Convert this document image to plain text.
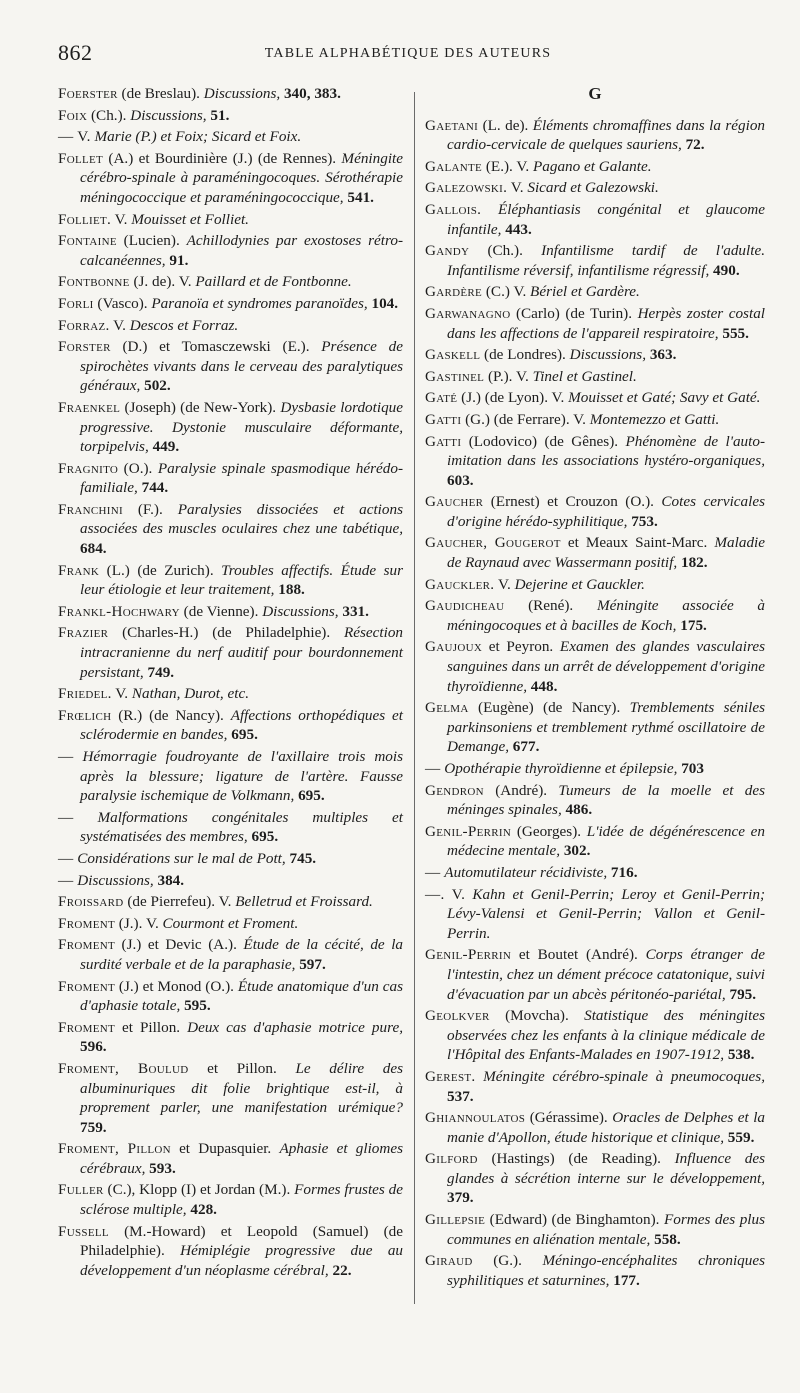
862	TABLE ALPHABÉTIQUE DES AUTEURS

Foerster (de Breslau). Discussions, 340, 383.

Foix (Ch.). Discussions, 51.

— V. Marie (P.) et Foix; Sicard et Foix.

Follet (A.) et Bourdinière (J.) (de Rennes). Méningite cérébro-spinale à paraméningocoques. Sérothérapie méningococcique et paraméningococcique, 541.

Folliet. V. Mouisset et Folliet.

Fontaine (Lucien). Achillodynies par exostoses rétro-calcanéennes, 91.

Fontbonne (J. de). V. Paillard et de Fontbonne.

Forli (Vasco). Paranoïa et syndromes paranoïdes, 104.

Forraz. V. Descos et Forraz.

Forster (D.) et Tomasczewski (E.). Présence de spirochètes vivants dans le cerveau des paralytiques généraux, 502.

Fraenkel (Joseph) (de New-York). Dysbasie lordotique progressive. Dystonie musculaire déformante, torpipelvis, 449.

Fragnito (O.). Paralysie spinale spasmodique hérédo-familiale, 744.

Franchini (F.). Paralysies dissociées et actions associées des muscles oculaires chez une tabétique, 684.

Frank (L.) (de Zurich). Troubles affectifs. Étude sur leur étiologie et leur traitement, 188.

Frankl-Hochwary (de Vienne). Discussions, 331.

Frazier (Charles-H.) (de Philadelphie). Résection intracranienne du nerf auditif pour bourdonnement persistant, 749.

Friedel. V. Nathan, Durot, etc.

Frœlich (R.) (de Nancy). Affections orthopédiques et sclérodermie en bandes, 695.

— Hémorragie foudroyante de l'axillaire trois mois après la blessure; ligature de l'artère. Fausse paralysie ischemique de Volkmann, 695.

— Malformations congénitales multiples et systématisées des membres, 695.

— Considérations sur le mal de Pott, 745.

— Discussions, 384.

Froissard (de Pierrefeu). V. Belletrud et Froissard.

Froment (J.). V. Courmont et Froment.

Froment (J.) et Devic (A.). Étude de la cécité, de la surdité verbale et de la paraphasie, 597.

Froment (J.) et Monod (O.). Étude anatomique d'un cas d'aphasie totale, 595.

Froment et Pillon. Deux cas d'aphasie motrice pure, 596.

Froment, Boulud et Pillon. Le délire des albuminuriques dit folie brightique est-il, à proprement parler, une manifestation urémique? 759.

Froment, Pillon et Dupasquier. Aphasie et gliomes cérébraux, 593.

Fuller (C.), Klopp (I) et Jordan (M.). Formes frustes de sclérose multiple, 428.

Fussell (M.-Howard) et Leopold (Samuel) (de Philadelphie). Hémiplégie progressive due au développement d'un néoplasme cérébral, 22.

G

Gaetani (L. de). Éléments chromaffines dans la région cardio-cervicale de quelques sauriens, 72.

Galante (E.). V. Pagano et Galante.

Galezowski. V. Sicard et Galezowski.

Gallois. Éléphantiasis congénital et glaucome infantile, 443.

Gandy (Ch.). Infantilisme tardif de l'adulte. Infantilisme réversif, infantilisme régressif, 490.

Gardère (C.) V. Bériel et Gardère.

Garwanagno (Carlo) (de Turin). Herpès zoster costal dans les affections de l'appareil respiratoire, 555.

Gaskell (de Londres). Discussions, 363.

Gastinel (P.). V. Tinel et Gastinel.

Gaté (J.) (de Lyon). V. Mouisset et Gaté; Savy et Gaté.

Gatti (G.) (de Ferrare). V. Montemezzo et Gatti.

Gatti (Lodovico) (de Gênes). Phénomène de l'auto-imitation dans les associations hystéro-organiques, 603.

Gaucher (Ernest) et Crouzon (O.). Cotes cervicales d'origine hérédo-syphilitique, 753.

Gaucher, Gougerot et Meaux Saint-Marc. Maladie de Raynaud avec Wassermann positif, 182.

Gauckler. V. Dejerine et Gauckler.

Gaudicheau (René). Méningite associée à méningocoques et à bacilles de Koch, 175.

Gaujoux et Peyron. Examen des glandes vasculaires sanguines dans un arrêt de développement d'origine thyroïdienne, 448.

Gelma (Eugène) (de Nancy). Tremblements séniles parkinsoniens et tremblement rythmé oscillatoire de Demange, 677.

— Opothérapie thyroïdienne et épilepsie, 703

Gendron (André). Tumeurs de la moelle et des méninges spinales, 486.

Genil-Perrin (Georges). L'idée de dégénérescence en médecine mentale, 302.

— Automutilateur récidiviste, 716.

—. V. Kahn et Genil-Perrin; Leroy et Genil-Perrin; Lévy-Valensi et Genil-Perrin; Vallon et Genil-Perrin.

Genil-Perrin et Boutet (André). Corps étranger de l'intestin, chez un dément précoce catatonique, suivi d'évacuation par un abcès péritonéo-pariétal, 795.

Geolkver (Movcha). Statistique des méningites observées chez les enfants à la clinique médicale de l'Hôpital des Enfants-Malades en 1907-1912, 538.

Gerest. Méningite cérébro-spinale à pneumocoques, 537.

Ghiannoulatos (Gérassime). Oracles de Delphes et la manie d'Apollon, étude historique et clinique, 559.

Gilford (Hastings) (de Reading). Influence des glandes à sécrétion interne sur le développement, 379.

Gillepsie (Edward) (de Binghamton). Formes des plus communes en aliénation mentale, 558.

Giraud (G.). Méningo-encéphalites chroniques syphilitiques et saturnines, 177.
